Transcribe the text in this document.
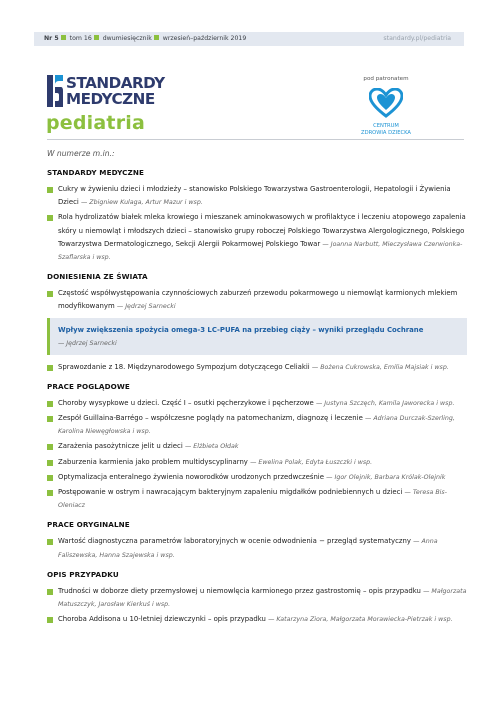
Nr 5 tom 16 dwumiesięcznik wrzesień–październik 2019	standardy.pl/pediatria
STANDARDY
MEDYCZNE
pediatria
pod patronatem
CENTRUM
ZDROWIA DZIECKA
W numerze m.in.:
STANDARDY MEDYCZNE
Cukry w żywieniu dzieci i młodzieży – stanowisko Polskiego Towarzystwa Gastroenterologii, Hepatologii i Żywienia Dzieci — Zbigniew Kulaga, Artur Mazur i wsp.
Rola hydrolizatów białek mleka krowiego i mieszanek aminokwasowych w profilaktyce i leczeniu atopowego zapalenia skóry u niemowląt i młodszych dzieci – stanowisko grupy roboczej Polskiego Towarzystwa Alergologicznego, Polskiego Towarzystwa Dermatologicznego, Sekcji Alergii Pokarmowej Polskiego Towar — Joanna Narbutt, Mieczysława Czerwionka-Szaflarska i wsp.
DONIESIENIA ZE ŚWIATA
Częstość współwystępowania czynnościowych zaburzeń przewodu pokarmowego u niemowląt karmionych mlekiem modyfikowanym — Jędrzej Sarnecki
Wpływ zwiększenia spożycia omega-3 LC-PUFA na przebieg ciąży – wyniki przeglądu Cochrane
— Jędrzej Sarnecki
Sprawozdanie z 18. Międzynarodowego Sympozjum dotyczącego Celiakii — Bożena Cukrowska, Emilia Majsiak i wsp.
PRACE POGLĄDOWE
Choroby wysypkowe u dzieci. Część I – osutki pęcherzykowe i pęcherzowe — Justyna Szczęch, Kamila Jaworecka i wsp.
Zespół Guillaina-Barrégo – współczesne poglądy na patomechanizm, diagnozę i leczenie — Adriana Durczak-Szerling, Karolina Niewęgłowska i wsp.
Zarażenia pasożytnicze jelit u dzieci — Elżbieta Ołdak
Zaburzenia karmienia jako problem multidyscyplinarny — Ewelina Polak, Edyta Łuszczki i wsp.
Optymalizacja enteralnego żywienia noworodków urodzonych przedwcześnie — Igor Olejnik, Barbara Królak-Olejnik
Postępowanie w ostrym i nawracającym bakteryjnym zapaleniu migdałków podniebiennych u dzieci — Teresa Bis-Oleniacz
PRACE ORYGINALNE
Wartość diagnostyczna parametrów laboratoryjnych w ocenie odwodnienia − przegląd systematyczny — Anna Faliszewska, Hanna Szajewska i wsp.
OPIS PRZYPADKU
Trudności w doborze diety przemysłowej u niemowlęcia karmionego przez gastrostomię – opis przypadku — Małgorzata Matuszczyk, Jarosław Kierkuś i wsp.
Choroba Addisona u 10-letniej dziewczynki – opis przypadku — Katarzyna Ziora, Małgorzata Morawiecka-Pietrzak i wsp.
